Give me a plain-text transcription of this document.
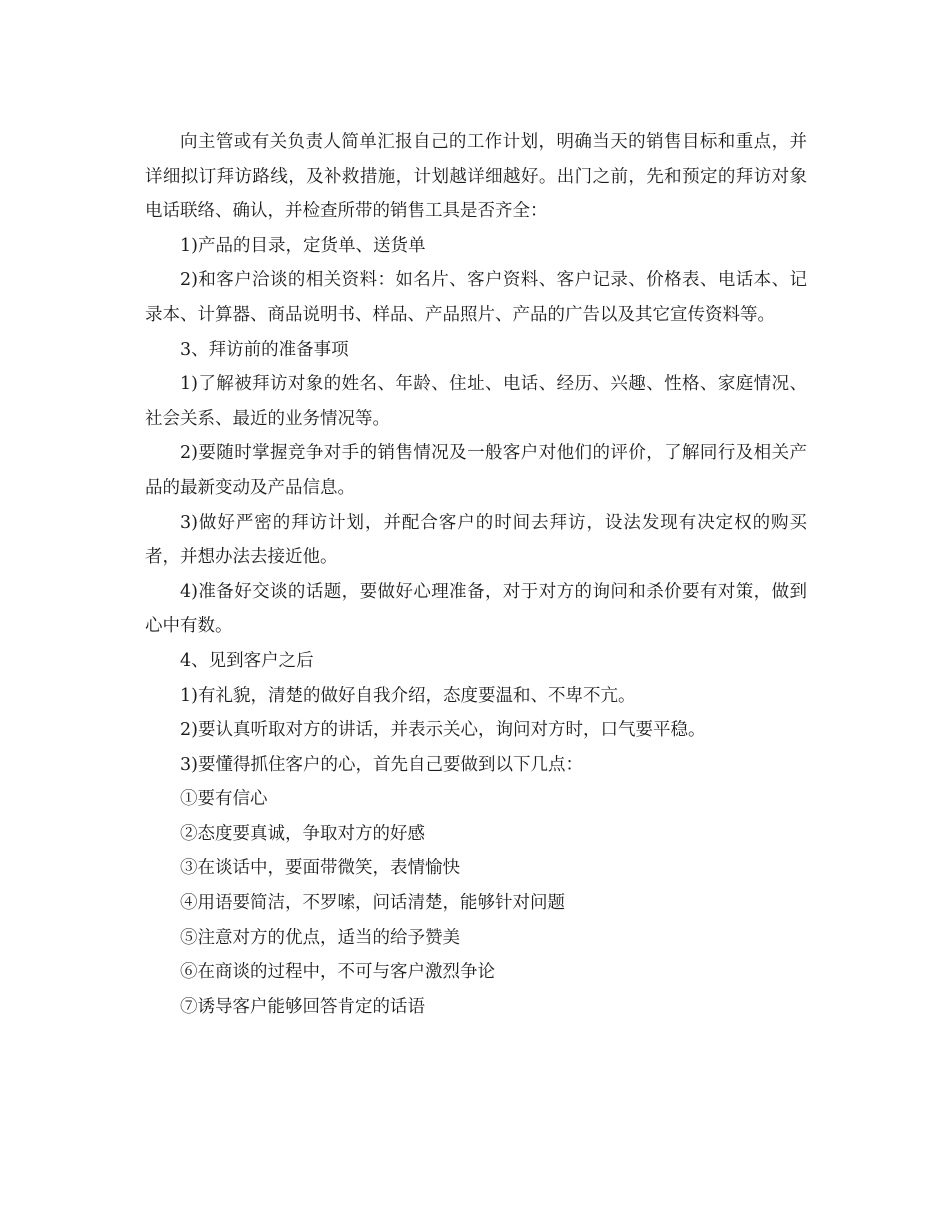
向主管或有关负责人简单汇报自己的工作计划，明确当天的销售目标和重点，并详细拟订拜访路线，及补救措施，计划越详细越好。出门之前，先和预定的拜访对象电话联络、确认，并检查所带的销售工具是否齐全：

1)产品的目录，定货单、送货单

2)和客户洽谈的相关资料：如名片、客户资料、客户记录、价格表、电话本、记录本、计算器、商品说明书、样品、产品照片、产品的广告以及其它宣传资料等。

3、拜访前的准备事项

1)了解被拜访对象的姓名、年龄、住址、电话、经历、兴趣、性格、家庭情况、社会关系、最近的业务情况等。

2)要随时掌握竞争对手的销售情况及一般客户对他们的评价，了解同行及相关产品的最新变动及产品信息。

3)做好严密的拜访计划，并配合客户的时间去拜访，设法发现有决定权的购买者，并想办法去接近他。

4)准备好交谈的话题，要做好心理准备，对于对方的询问和杀价要有对策，做到心中有数。

4、见到客户之后

1)有礼貌，清楚的做好自我介绍，态度要温和、不卑不亢。

2)要认真听取对方的讲话，并表示关心，询问对方时，口气要平稳。

3)要懂得抓住客户的心，首先自己要做到以下几点：

①要有信心

②态度要真诚，争取对方的好感

③在谈话中，要面带微笑，表情愉快

④用语要简洁，不罗嗦，问话清楚，能够针对问题

⑤注意对方的优点，适当的给予赞美

⑥在商谈的过程中，不可与客户激烈争论

⑦诱导客户能够回答肯定的话语
